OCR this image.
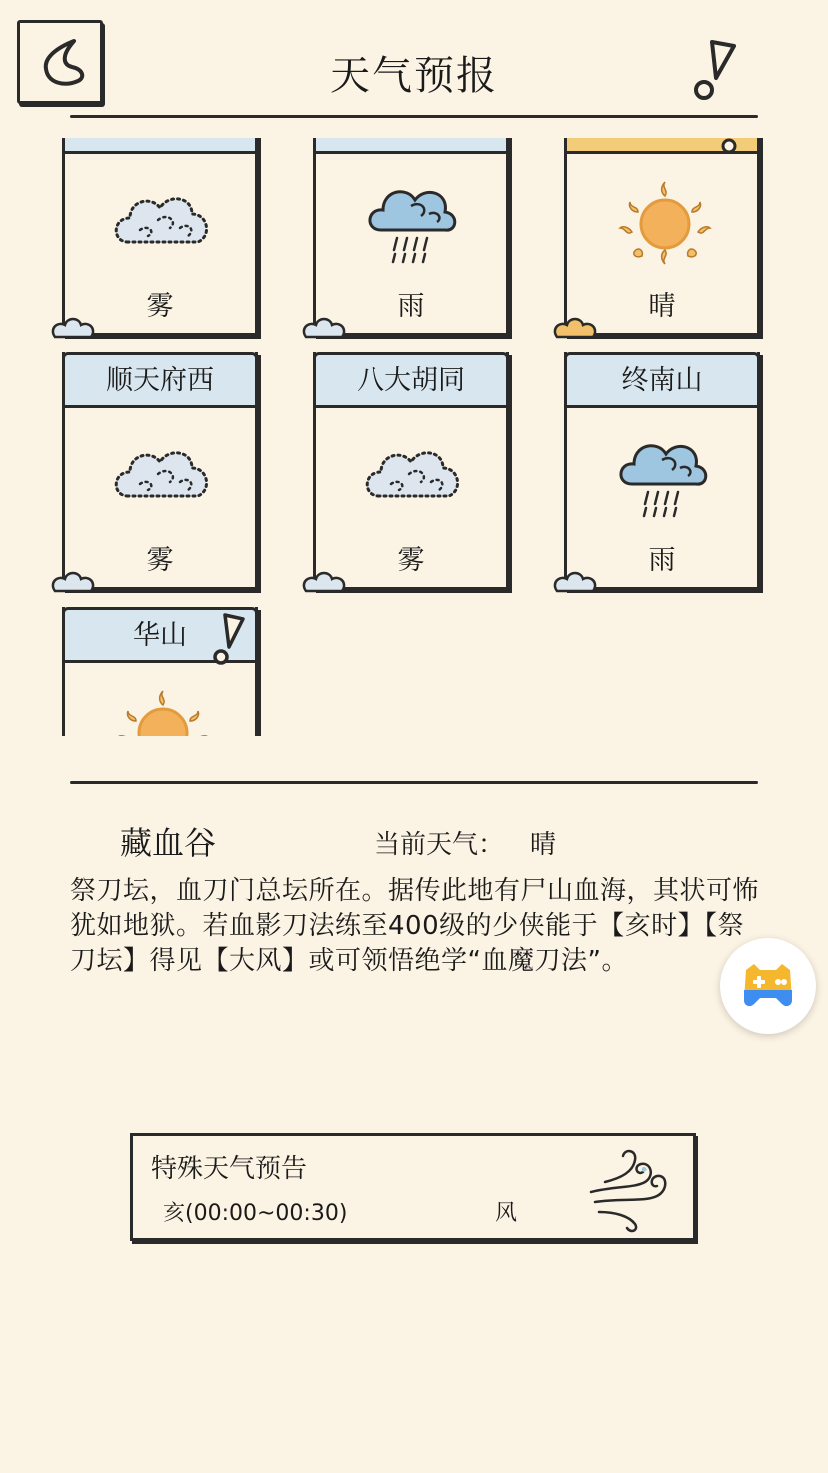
天气预报
雾	雨	晴
顺天府西
雾
八大胡同
雾
终南山
雨
华山
藏血谷	当前天气： 晴
祭刀坛，血刀门总坛所在。据传此地有尸山血海，其状可怖犹如地狱。若血影刀法练至400级的少侠能于【亥时】【祭刀坛】得见【大风】或可领悟绝学“血魔刀法”。
特殊天气预告
亥(00:00~00:30)	风
